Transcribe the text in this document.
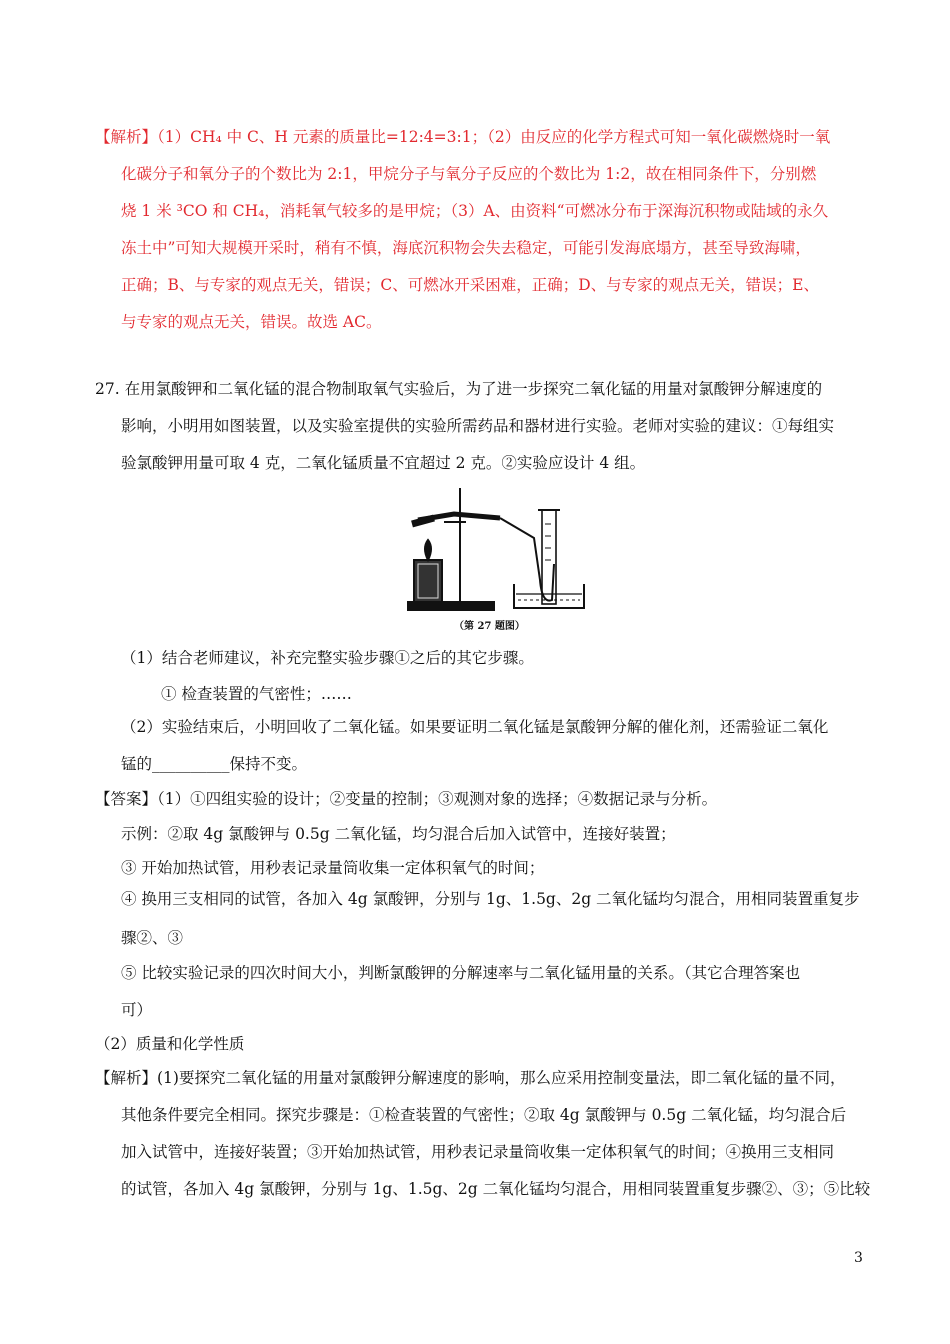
【解析】（1）CH₄ 中 C、H 元素的质量比=12:4=3:1；（2）由反应的化学方程式可知一氧化碳燃烧时一氧
化碳分子和氧分子的个数比为 2:1，甲烷分子与氧分子反应的个数比为 1:2，故在相同条件下，分别燃
烧 1 米 ³CO 和 CH₄，消耗氧气较多的是甲烷；（3）A、由资料“可燃冰分布于深海沉积物或陆域的永久
冻土中”可知大规模开采时，稍有不慎，海底沉积物会失去稳定，可能引发海底塌方，甚至导致海啸，
正确；B、与专家的观点无关，错误；C、可燃冰开采困难，正确；D、与专家的观点无关，错误；E、
与专家的观点无关，错误。故选 AC。
27. 在用氯酸钾和二氧化锰的混合物制取氧气实验后，为了进一步探究二氧化锰的用量对氯酸钾分解速度的
影响，小明用如图装置，以及实验室提供的实验所需药品和器材进行实验。老师对实验的建议：①每组实
验氯酸钾用量可取 4 克，二氧化锰质量不宜超过 2 克。②实验应设计 4 组。
（第 27 题图）
（1）结合老师建议，补充完整实验步骤①之后的其它步骤。
① 检查装置的气密性；……
（2）实验结束后，小明回收了二氧化锰。如果要证明二氧化锰是氯酸钾分解的催化剂，还需验证二氧化
锰的__________保持不变。
【答案】（1）①四组实验的设计；②变量的控制；③观测对象的选择；④数据记录与分析。
示例：②取 4g 氯酸钾与 0.5g 二氧化锰，均匀混合后加入试管中，连接好装置；
③ 开始加热试管，用秒表记录量筒收集一定体积氧气的时间；
④ 换用三支相同的试管，各加入 4g 氯酸钾，分别与 1g、1.5g、2g 二氧化锰均匀混合，用相同装置重复步
骤②、③
⑤ 比较实验记录的四次时间大小，判断氯酸钾的分解速率与二氧化锰用量的关系。（其它合理答案也
可）
（2）质量和化学性质
【解析】(1)要探究二氧化锰的用量对氯酸钾分解速度的影响，那么应采用控制变量法，即二氧化锰的量不同，
其他条件要完全相同。探究步骤是：①检查装置的气密性；②取 4g 氯酸钾与 0.5g 二氧化锰，均匀混合后
加入试管中，连接好装置；③开始加热试管，用秒表记录量筒收集一定体积氧气的时间；④换用三支相同
的试管，各加入 4g 氯酸钾，分别与 1g、1.5g、2g 二氧化锰均匀混合，用相同装置重复步骤②、③；⑤比较
3
